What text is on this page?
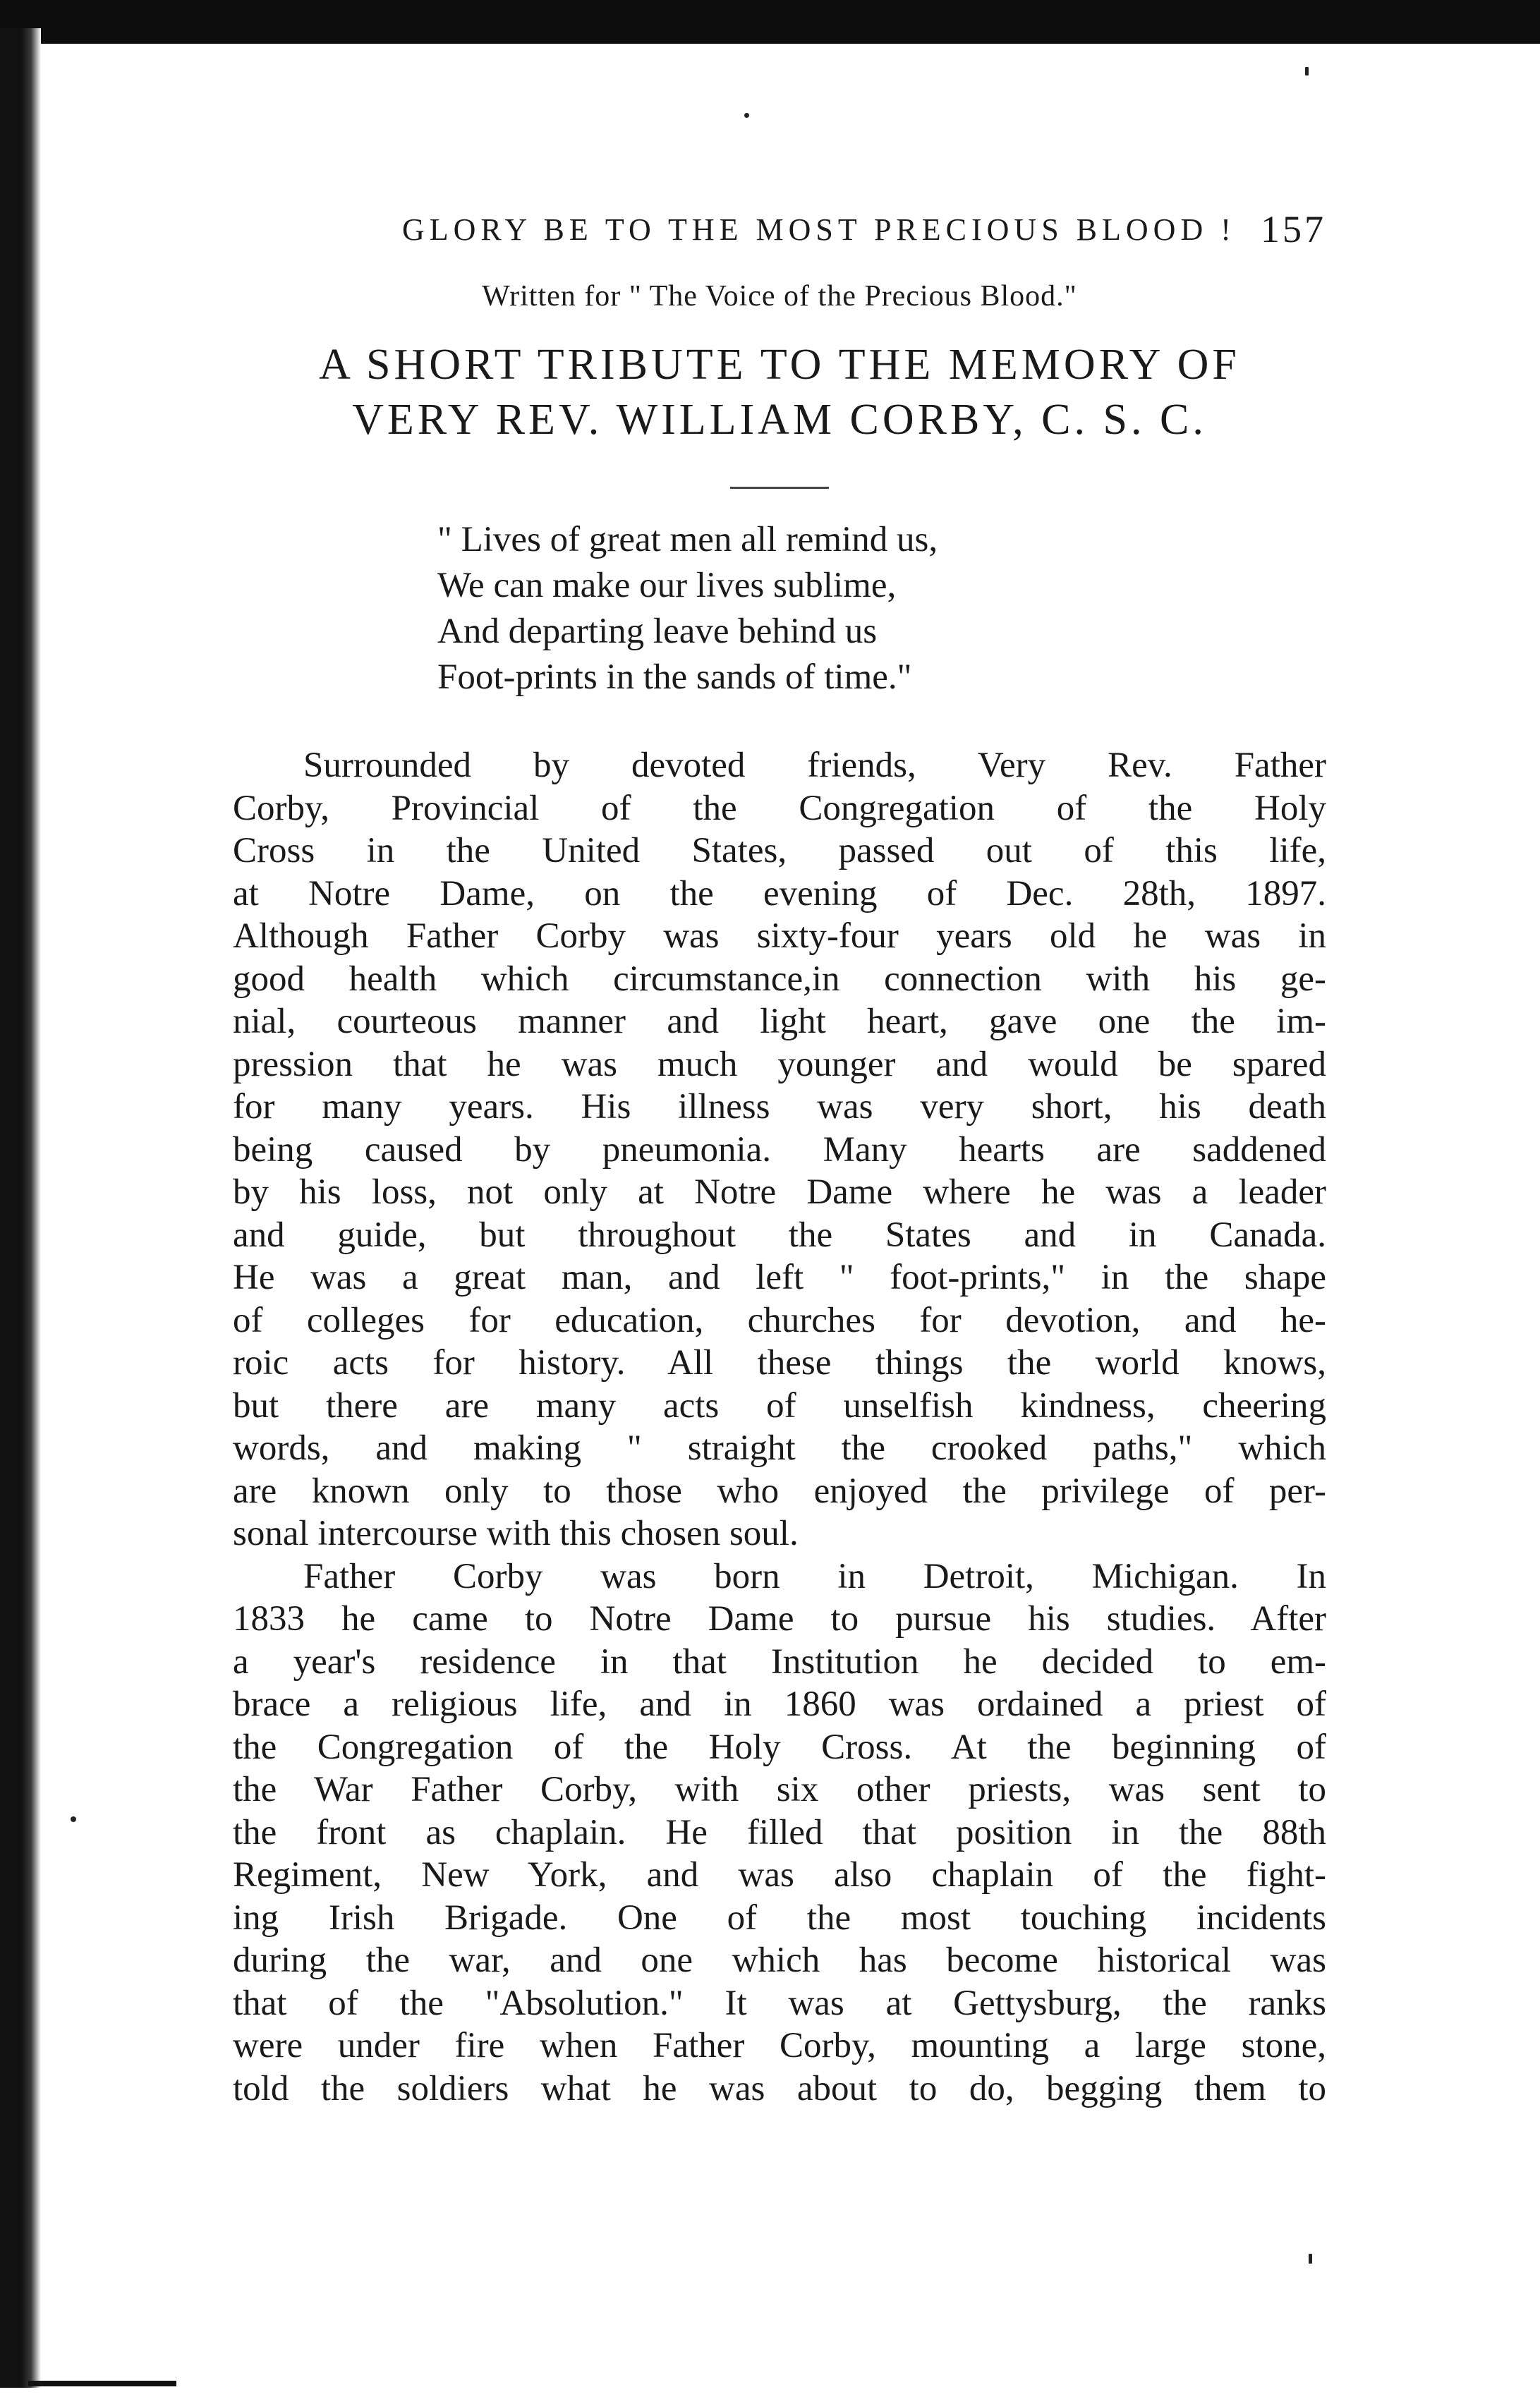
GLORY BE TO THE MOST PRECIOUS BLOOD ! 157
Written for " The Voice of the Precious Blood."
A SHORT TRIBUTE TO THE MEMORY OF
VERY REV. WILLIAM CORBY, C. S. C.
" Lives of great men all remind us,
We can make our lives sublime,
And departing leave behind us
Foot-prints in the sands of time."
Surrounded by devoted friends, Very Rev. Father
Corby, Provincial of the Congregation of the Holy
Cross in the United States, passed out of this life,
at Notre Dame, on the evening of Dec. 28th, 1897.
Although Father Corby was sixty-four years old he was in
good health which circumstance,in connection with his ge-
nial, courteous manner and light heart, gave one the im-
pression that he was much younger and would be spared
for many years. His illness was very short, his death
being caused by pneumonia. Many hearts are saddened
by his loss, not only at Notre Dame where he was a leader
and guide, but throughout the States and in Canada.
He was a great man, and left " foot-prints," in the shape
of colleges for education, churches for devotion, and he-
roic acts for history. All these things the world knows,
but there are many acts of unselfish kindness, cheering
words, and making " straight the crooked paths," which
are known only to those who enjoyed the privilege of per-
sonal intercourse with this chosen soul.
Father Corby was born in Detroit, Michigan. In
1833 he came to Notre Dame to pursue his studies. After
a year's residence in that Institution he decided to em-
brace a religious life, and in 1860 was ordained a priest of
the Congregation of the Holy Cross. At the beginning of
the War Father Corby, with six other priests, was sent to
the front as chaplain. He filled that position in the 88th
Regiment, New York, and was also chaplain of the fight-
ing Irish Brigade. One of the most touching incidents
during the war, and one which has become historical was
that of the "Absolution." It was at Gettysburg, the ranks
were under fire when Father Corby, mounting a large stone,
told the soldiers what he was about to do, begging them to
